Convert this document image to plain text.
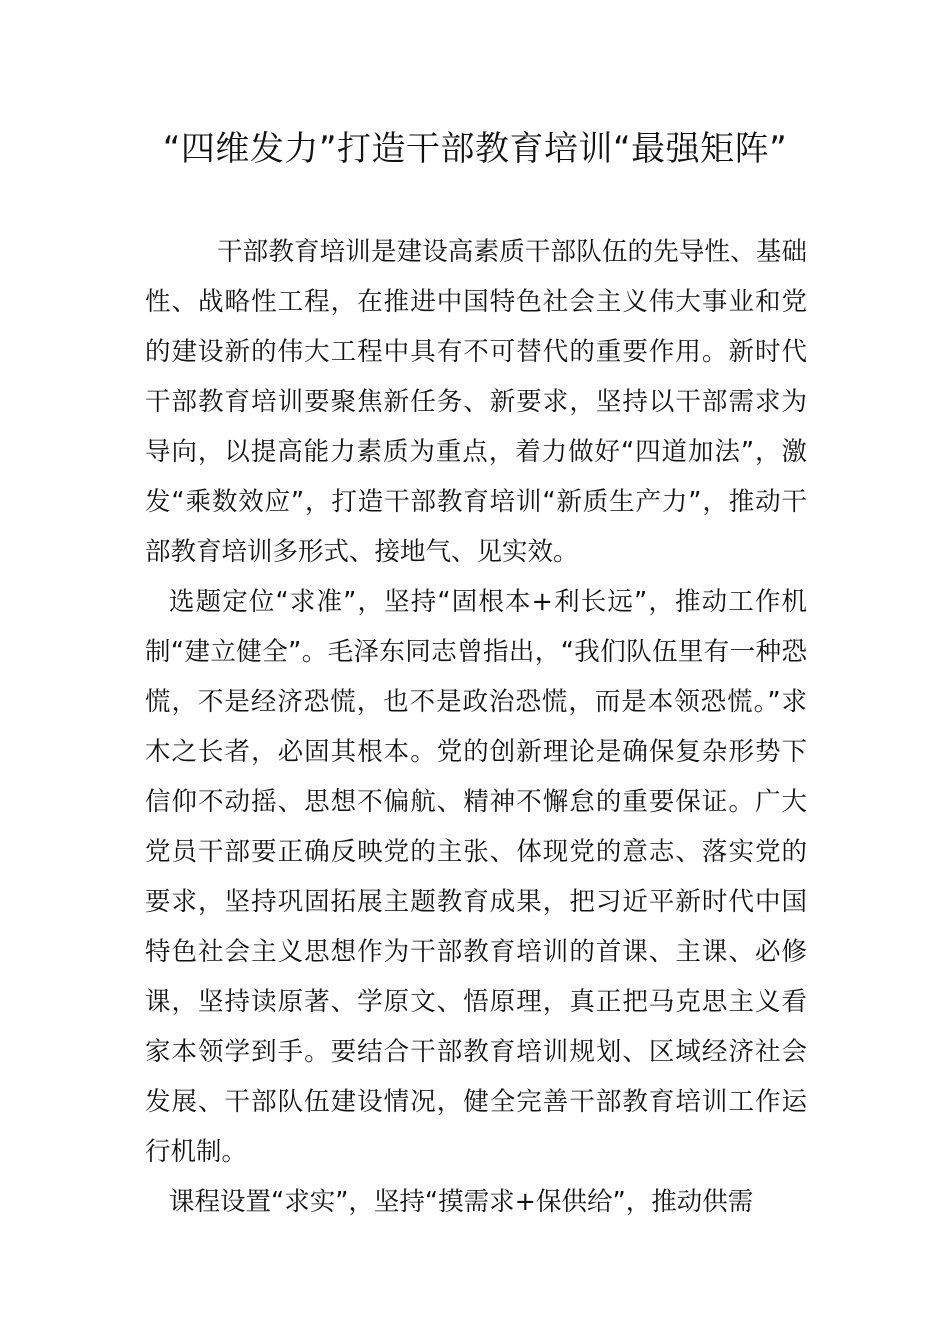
“四维发力”打造干部教育培训“最强矩阵”

干部教育培训是建设高素质干部队伍的先导性、基础性、战略性工程，在推进中国特色社会主义伟大事业和党的建设新的伟大工程中具有不可替代的重要作用。新时代干部教育培训要聚焦新任务、新要求，坚持以干部需求为导向，以提高能力素质为重点，着力做好“四道加法”，激发“乘数效应”，打造干部教育培训“新质生产力”，推动干部教育培训多形式、接地气、见实效。

选题定位“求准”，坚持“固根本+利长远”，推动工作机制“建立健全”。毛泽东同志曾指出，“我们队伍里有一种恐慌，不是经济恐慌，也不是政治恐慌，而是本领恐慌。”求木之长者，必固其根本。党的创新理论是确保复杂形势下信仰不动摇、思想不偏航、精神不懈怠的重要保证。广大党员干部要正确反映党的主张、体现党的意志、落实党的要求，坚持巩固拓展主题教育成果，把习近平新时代中国特色社会主义思想作为干部教育培训的首课、主课、必修课，坚持读原著、学原文、悟原理，真正把马克思主义看家本领学到手。要结合干部教育培训规划、区域经济社会发展、干部队伍建设情况，健全完善干部教育培训工作运行机制。

课程设置“求实”，坚持“摸需求+保供给”，推动供需
